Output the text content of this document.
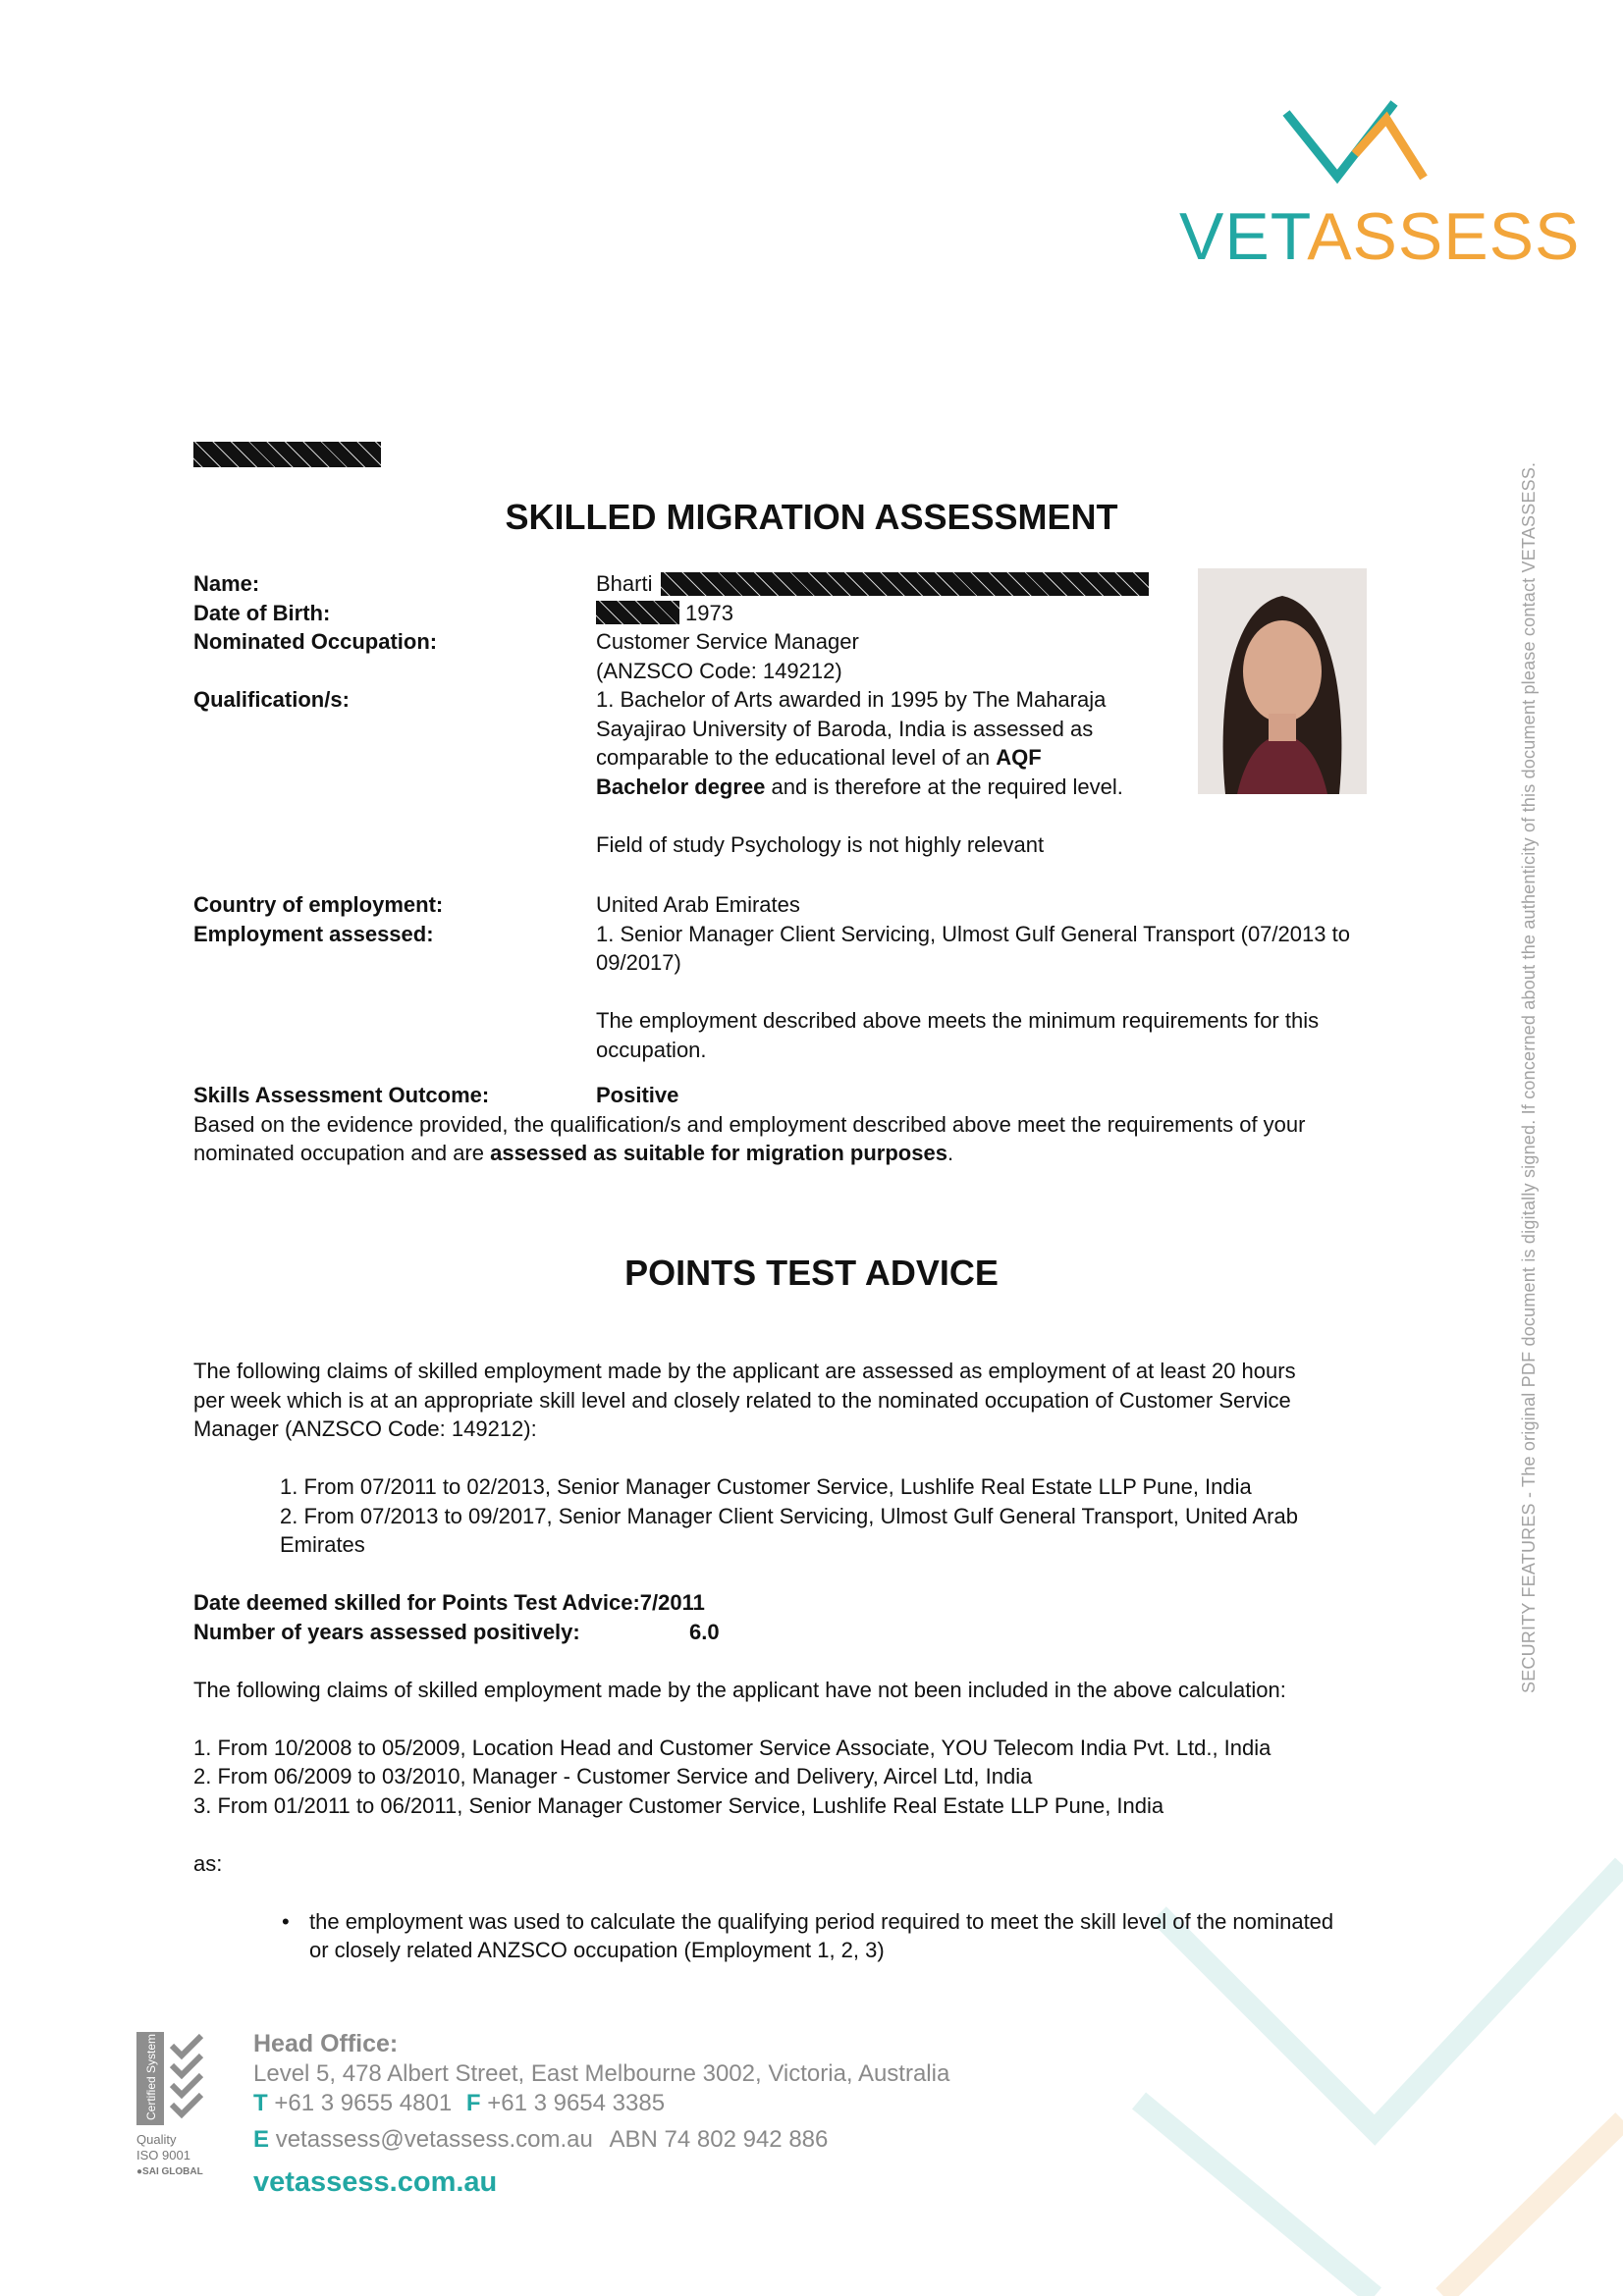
VETASSESS
SECURITY FEATURES - The original PDF document is digitally signed. If concerned about the authenticity of this document please contact VETASSESS.
SKILLED MIGRATION ASSESSMENT
Name:
Date of Birth:
Nominated Occupation:
Qualification/s:
Country of employment:
Employment assessed:
Skills Assessment Outcome:
Bharti
1973
Customer Service Manager
(ANZSCO Code: 149212)
1. Bachelor of Arts awarded in 1995 by The Maharaja
Sayajirao University of Baroda, India is assessed as
comparable to the educational level of an AQF
Bachelor degree and is therefore at the required level.
Field of study Psychology is not highly relevant
United Arab Emirates
1. Senior Manager Client Servicing, Ulmost Gulf General Transport (07/2013 to
09/2017)
The employment described above meets the minimum requirements for this
occupation.
Positive
Based on the evidence provided, the qualification/s and employment described above meet the requirements of your
nominated occupation and are assessed as suitable for migration purposes.
POINTS TEST ADVICE
The following claims of skilled employment made by the applicant are assessed as employment of at least 20 hours
per week which is at an appropriate skill level and closely related to the nominated occupation of Customer Service
Manager (ANZSCO Code: 149212):
1. From 07/2011 to 02/2013, Senior Manager Customer Service, Lushlife Real Estate LLP Pune, India
2. From 07/2013 to 09/2017, Senior Manager Client Servicing, Ulmost Gulf General Transport, United Arab
Emirates
Date deemed skilled for Points Test Advice:7/2011
Number of years assessed positively:	6.0
The following claims of skilled employment made by the applicant have not been included in the above calculation:
1. From 10/2008 to 05/2009, Location Head and Customer Service Associate, YOU Telecom India Pvt. Ltd., India
2. From 06/2009 to 03/2010, Manager - Customer Service and Delivery, Aircel Ltd, India
3. From 01/2011 to 06/2011, Senior Manager Customer Service, Lushlife Real Estate LLP Pune, India
as:
• the employment was used to calculate the qualifying period required to meet the skill level of the nominated
or closely related ANZSCO occupation (Employment 1, 2, 3)
Certified System
Quality
ISO 9001
●SAI GLOBAL
Head Office:
Level 5, 478 Albert Street, East Melbourne 3002, Victoria, Australia
T +61 3 9655 4801 F +61 3 9654 3385
E vetassess@vetassess.com.au ABN 74 802 942 886
vetassess.com.au
